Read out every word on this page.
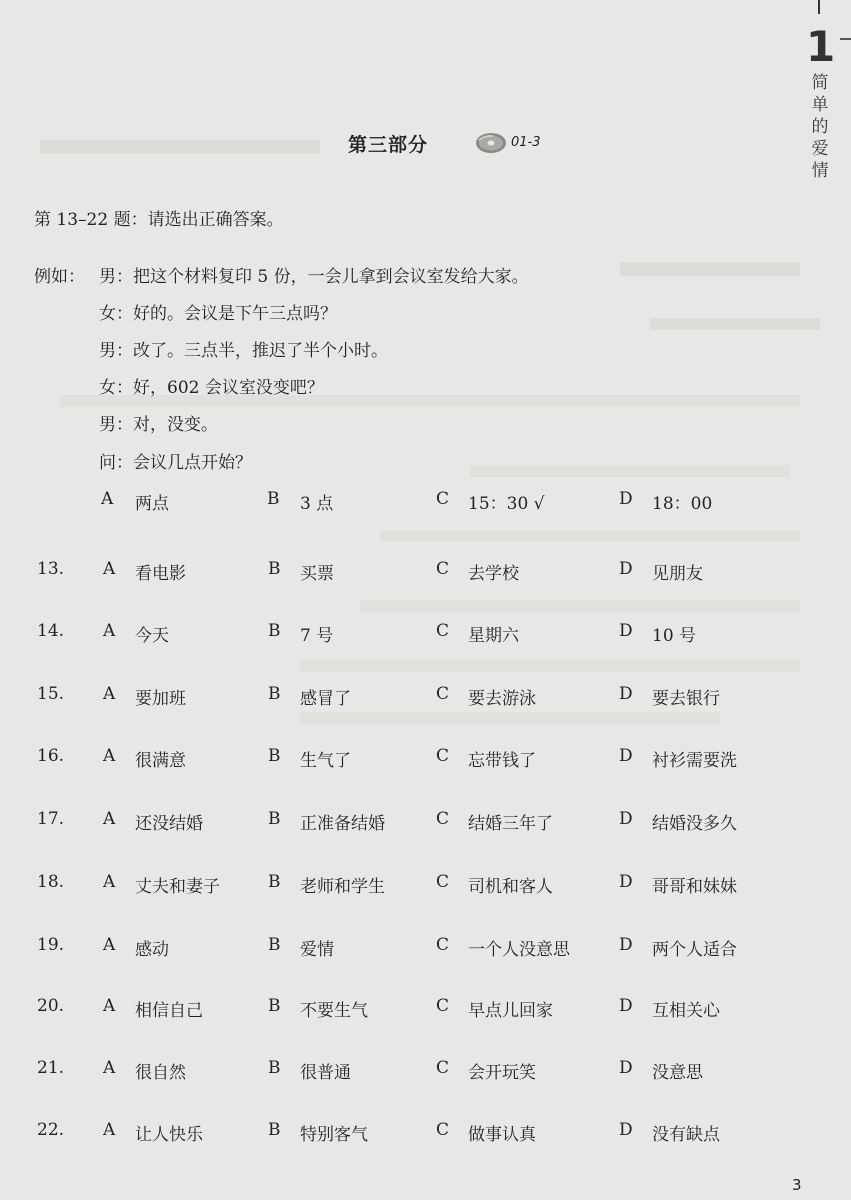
1
简
单
的
爱
情
第三部分	01-3
第 13–22 题：请选出正确答案。
例如： 男：把这个材料复印 5 份，一会儿拿到会议室发给大家。
女：好的。会议是下午三点吗？
男：改了。三点半，推迟了半个小时。
女：好，602 会议室没变吧？
男：对，没变。
问：会议几点开始？
A 两点	B 3 点	C 15：30 √	D 18：00
13. A 看电影	B 买票	C 去学校	D 见朋友
14. A 今天	B 7 号	C 星期六	D 10 号
15. A 要加班	B 感冒了	C 要去游泳	D 要去银行
16. A 很满意	B 生气了	C 忘带钱了	D 衬衫需要洗
17. A 还没结婚	B 正准备结婚	C 结婚三年了	D 结婚没多久
18. A 丈夫和妻子	B 老师和学生	C 司机和客人	D 哥哥和妹妹
19. A 感动	B 爱情	C 一个人没意思	D 两个人适合
20. A 相信自己	B 不要生气	C 早点儿回家	D 互相关心
21. A 很自然	B 很普通	C 会开玩笑	D 没意思
22. A 让人快乐	B 特别客气	C 做事认真	D 没有缺点
3
